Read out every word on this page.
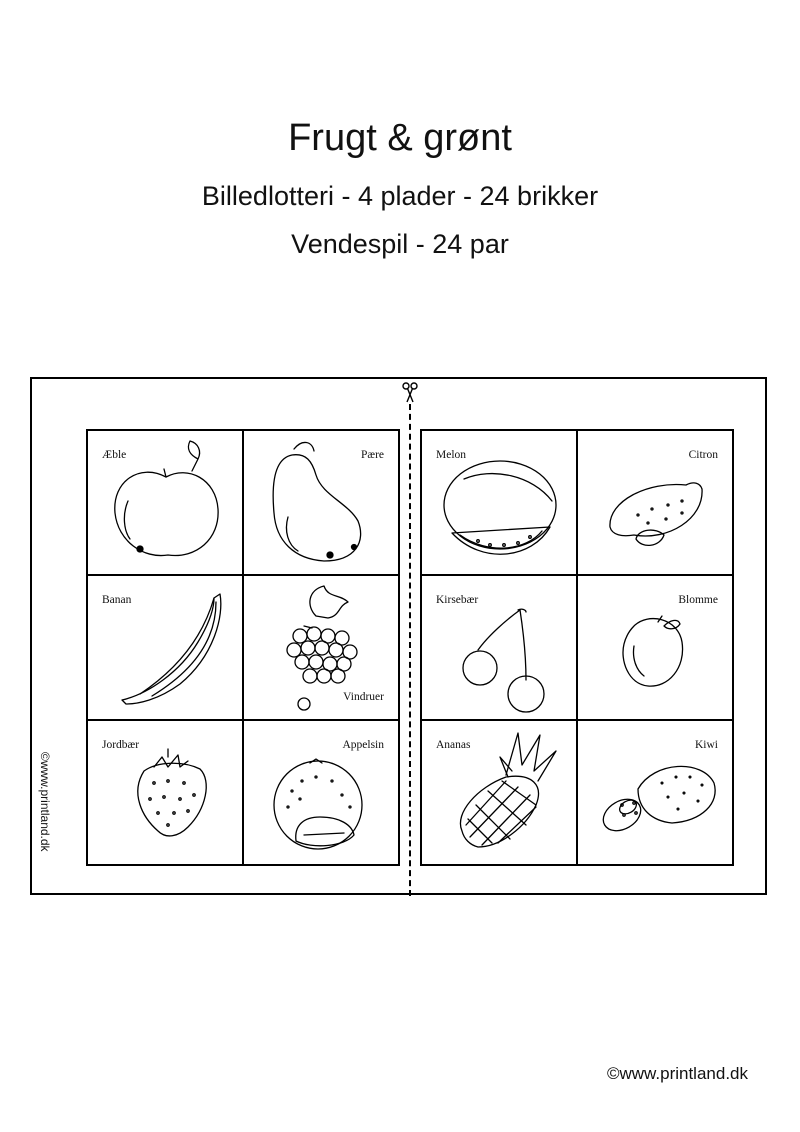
Frugt & grønt
Billedlotteri - 4 plader - 24 brikker
Vendespil - 24 par
©www.printland.dk
Æble	Pære
Banan
Vindruer
Jordbær	Appelsin
Melon	Citron
Kirsebær	Blomme
Ananas	Kiwi
©www.printland.dk
